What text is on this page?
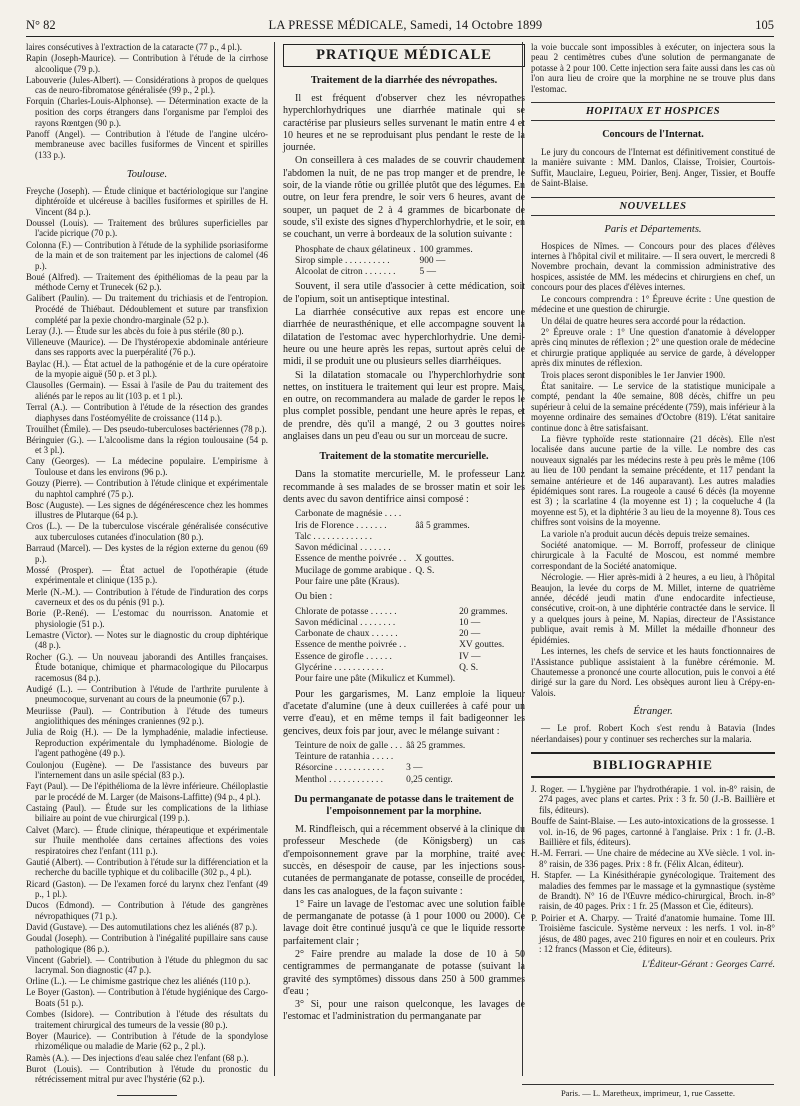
N° 82	LA PRESSE MÉDICALE, Samedi, 14 Octobre 1899	105

laires consécutives à l'extraction de la cataracte (77 p., 4 pl.).

Rapin (Joseph-Maurice). — Contribution à l'étude de la cirrhose alcoolique (79 p.).

Labouverie (Jules-Albert). — Considérations à propos de quelques cas de neuro-fibromatose généralisée (99 p., 2 pl.).

Forquin (Charles-Louis-Alphonse). — Détermination exacte de la position des corps étrangers dans l'organisme par l'emploi des rayons Rœntgen (90 p.).

Panoff (Angel). — Contribution à l'étude de l'angine ulcéro-membraneuse avec bacilles fusiformes de Vincent et spirilles (133 p.).

Toulouse.

Freyche (Joseph). — Étude clinique et bactériologique sur l'angine diphtéroïde et ulcéreuse à bacilles fusiformes et spirilles de H. Vincent (84 p.).

Doussel (Louis). — Traitement des brûlures superficielles par l'acide picrique (70 p.).

Colonna (F.) — Contribution à l'étude de la syphilide psoriasiforme de la main et de son traitement par les injections de calomel (46 p.).

Boué (Alfred). — Traitement des épithéliomas de la peau par la méthode Cerny et Trunecek (62 p.).

Galibert (Paulin). — Du traitement du trichiasis et de l'entropion. Procédé de Thiébaut. Dédoublement et suture par transfixion complété par la pexie chondro-marginale (52 p.).

Leray (J.). — Étude sur les abcès du foie à pus stérile (80 p.).

Villeneuve (Maurice). — De l'hystéropexie abdominale antérieure dans ses rapports avec la puerpéralité (76 p.).

Baylac (H.). — État actuel de la pathogénie et de la cure opératoire de la myopie aiguë (50 p. et 3 pl.).

Clausolles (Germain). — Essai à l'asile de Pau du traitement des aliénés par le repos au lit (103 p. et 1 pl.).

Terral (A.). — Contribution à l'étude de la résection des grandes diaphyses dans l'ostéomyélite de croissance (114 p.).

Trouilhet (Émile). — Des pseudo-tuberculoses bactériennes (78 p.).

Béringuier (G.). — L'alcoolisme dans la région toulousaine (54 p. et 3 pl.).

Cany (Georges). — La médecine populaire. L'empirisme à Toulouse et dans les environs (96 p.).

Gouzy (Pierre). — Contribution à l'étude clinique et expérimentale du naphtol camphré (75 p.).

Bosc (Auguste). — Les signes de dégénérescence chez les hommes illustres de Plutarque (64 p.).

Cros (L.). — De la tuberculose viscérale généralisée consécutive aux tuberculoses cutanées d'inoculation (80 p.).

Barraud (Marcel). — Des kystes de la région externe du genou (69 p.).

Mossé (Prosper). — État actuel de l'opothérapie (étude expérimentale et clinique (135 p.).

Merle (N.-M.). — Contribution à l'étude de l'induration des corps caverneux et des os du pénis (91 p.).

Borie (P.-René). — L'estomac du nourrisson. Anatomie et physiologie (51 p.).

Lemastre (Victor). — Notes sur le diagnostic du croup diphtérique (48 p.).

Rocher (G.). — Un nouveau jaborandi des Antilles françaises. Étude botanique, chimique et pharmacologique du Pilocarpus racemosus (84 p.).

Audigé (L.). — Contribution à l'étude de l'arthrite purulente à pneumocoque, survenant au cours de la pneumonie (67 p.).

Meuriisse (Paul). — Contribution à l'étude des tumeurs angiolithiques des méninges craniennes (92 p.).

Julia de Roig (H.). — De la lymphadénie, maladie infectieuse. Reproduction expérimentale du lymphadénome. Biologie de l'agent pathogène (49 p.).

Coulonjou (Eugène). — De l'assistance des buveurs par l'internement dans un asile spécial (83 p.).

Fayt (Paul). — De l'épithélioma de la lèvre inférieure. Chéiloplastie par le procédé de M. Larger (de Maisons-Laffitte) (94 p., 4 pl.).

Castaing (Paul). — Étude sur les complications de la lithiase biliaire au point de vue chirurgical (199 p.).

Calvet (Marc). — Étude clinique, thérapeutique et expérimentale sur l'huile mentholée dans certaines affections des voies respiratoires chez l'enfant (111 p.).

Gautié (Albert). — Contribution à l'étude sur la différenciation et la recherche du bacille typhique et du colibacille (302 p., 4 pl.).

Ricard (Gaston). — De l'examen forcé du larynx chez l'enfant (49 p., 1 pl.).

Ducos (Edmond). — Contribution à l'étude des gangrènes névropathiques (71 p.).

David (Gustave). — Des automutilations chez les aliénés (87 p.).

Goudal (Joseph). — Contribution à l'inégalité pupillaire sans cause pathologique (86 p.).

Vincent (Gabriel). — Contribution à l'étude du phlegmon du sac lacrymal. Son diagnostic (47 p.).

Orline (L.). — Le chimisme gastrique chez les aliénés (110 p.).

Le Boyer (Gaston). — Contribution à l'étude hygiénique des Cargo-Boats (51 p.).

Combes (Isidore). — Contribution à l'étude des résultats du traitement chirurgical des tumeurs de la vessie (80 p.).

Boyer (Maurice). — Contribution à l'étude de la spondylose rhizomélique ou maladie de Marie (62 p., 2 pl.).

Ramès (A.). — Des injections d'eau salée chez l'enfant (68 p.).

Burot (Louis). — Contribution à l'étude du pronostic du rétrécissement mitral pur avec l'hystérie (62 p.).

PRATIQUE MÉDICALE
Traitement de la diarrhée des névropathes.

Il est fréquent d'observer chez les névropathes hyperchlorhydriques une diarrhée matinale qui se caractérise par plusieurs selles survenant le matin entre 4 et 10 heures et ne se reproduisant plus pendant le reste de la journée.

On conseillera à ces malades de se couvrir chaudement l'abdomen la nuit, de ne pas trop manger et de prendre, le soir, de la viande rôtie ou grillée plutôt que des légumes. En outre, on leur fera prendre, le soir vers 6 heures, avant de souper, un paquet de 2 à 4 grammes de bicarbonate de soude, s'il existe des signes d'hyperchlorhydrie, et le soir, en se couchant, un verre à bordeaux de la solution suivante :

Phosphate de chaux gélatineux .	100 grammes.
Sirop simple . . . . . . . . . .	900 —
Alcoolat de citron . . . . . . .	5 —

Souvent, il sera utile d'associer à cette médication, soit de l'opium, soit un antiseptique intestinal.

La diarrhée consécutive aux repas est encore une diarrhée de neurasthénique, et elle accompagne souvent la dilatation de l'estomac avec hyperchlorhydrie. Une demi-heure ou une heure après les repas, surtout après celui de midi, il se produit une ou plusieurs selles diarrhéiques.

Si la dilatation stomacale ou l'hyperchlorhydrie sont nettes, on instituera le traitement qui leur est propre. Mais, en outre, on recommandera au malade de garder le repos le plus complet possible, pendant une heure après le repas, et de prendre, dès qu'il a mangé, 2 ou 3 gouttes noires anglaises dans un peu d'eau ou sur un morceau de sucre.

Traitement de la stomatite mercurielle.

Dans la stomatite mercurielle, M. le professeur Lanz recommande à ses malades de se brosser matin et soir les dents avec du savon dentifrice ainsi composé :

Carbonate de magnésie . . . .	
Iris de Florence . . . . . . .	ââ 5 grammes.
Talc . . . . . . . . . . . . .	
Savon médicinal . . . . . . .	
Essence de menthe poivrée . .	X gouttes.
Mucilage de gomme arabique .	Q. S.
Pour faire une pâte (Kraus).	

Ou bien :

Chlorate de potasse . . . . . .	20 grammes.
Savon médicinal . . . . . . . .	10 —
Carbonate de chaux . . . . . .	20 —
Essence de menthe poivrée . .	XV gouttes.
Essence de girofle . . . . . .	IV —
Glycérine . . . . . . . . . . .	Q. S.
Pour faire une pâte (Mikulicz et Kummel).	

Pour les gargarismes, M. Lanz emploie la liqueur d'acetate d'alumine (une à deux cuillerées à café pour un verre d'eau), et en même temps il fait badigeonner les gencives, deux fois par jour, avec le mélange suivant :

Teinture de noix de galle . . .	ââ 25 grammes.
Teinture de ratanhia . . . . .	
Résorcine . . . . . . . . . . .	3 —
Menthol . . . . . . . . . . . .	0,25 centigr.
Du permanganate de potasse dans le traitement de l'empoisonnement par la morphine.

M. Rindfleisch, qui a récemment observé à la clinique du professeur Meschede (de Königsberg) un cas d'empoisonnement grave par la morphine, traité avec succès, en désespoir de cause, par les injections sous-cutanées de permanganate de potasse, conseille de procéder, dans les cas analogues, de la façon suivante :

1° Faire un lavage de l'estomac avec une solution faible de permanganate de potasse (à 1 pour 1000 ou 2000). Ce lavage doit être continué jusqu'à ce que le liquide ressorte parfaitement clair ;

2° Faire prendre au malade la dose de 10 à 50 centigrammes de permanganate de potasse (suivant la gravité des symptômes) dissous dans 250 à 500 grammes d'eau ;

3° Si, pour une raison quelconque, les lavages de l'estomac et l'administration du permanganate par

la voie buccale sont impossibles à exécuter, on injectera sous la peau 2 centimètres cubes d'une solution de permanganate de potasse à 2 pour 100. Cette injection sera faite aussi dans les cas où l'on aura lieu de croire que la morphine ne se trouve plus dans l'estomac.

HOPITAUX ET HOSPICES
Concours de l'Internat.

Le jury du concours de l'Internat est définitivement constitué de la manière suivante : MM. Danlos, Claisse, Troisier, Courtois-Suffit, Mauclaire, Legueu, Poirier, Benj. Anger, Tissier, et Bouffe de Saint-Blaise.

NOUVELLES
Paris et Départements.

Hospices de Nîmes. — Concours pour des places d'élèves internes à l'hôpital civil et militaire. — Il sera ouvert, le mercredi 8 Novembre prochain, devant la commission administrative des hospices, assistée de MM. les médecins et chirurgiens en chef, un concours pour des places d'élèves internes.

Le concours comprendra : 1° Épreuve écrite : Une question de médecine et une question de chirurgie.

Un délai de quatre heures sera accordé pour la rédaction.

2° Épreuve orale : 1° Une question d'anatomie à développer après cinq minutes de réflexion ; 2° une question orale de médecine et chirurgie pratique appliquée au service de garde, à développer après dix minutes de réflexion.

Trois places seront disponibles le 1er Janvier 1900.

État sanitaire. — Le service de la statistique municipale a compté, pendant la 40e semaine, 808 décès, chiffre un peu supérieur à celui de la semaine précédente (759), mais inférieur à la moyenne ordinaire des semaines d'Octobre (819). L'état sanitaire continue donc à être satisfaisant.

La fièvre typhoïde reste stationnaire (21 décès). Elle n'est localisée dans aucune partie de la ville. Le nombre des cas nouveaux signalés par les médecins reste à peu près le même (106 au lieu de 100 pendant la semaine précédente, et 117 pendant la semaine antérieure et de 146 auparavant). Les autres maladies épidémiques sont rares. La rougeole a causé 6 décès (la moyenne est 3) ; la scarlatine 4 (la moyenne est 1) ; la coqueluche 4 (la moyenne est 5), et la diphtérie 3 au lieu de la moyenne 8). Tous ces chiffres sont voisins de la moyenne.

La variole n'a produit aucun décès depuis treize semaines.

Société anatomique. — M. Borroff, professeur de clinique chirurgicale à la Faculté de Moscou, est nommé membre correspondant de la Société anatomique.

Nécrologie. — Hier après-midi à 2 heures, a eu lieu, à l'hôpital Beaujon, la levée du corps de M. Millet, interne de quatrième année, décédé jeudi matin d'une endocardite infectieuse, consécutive, croit-on, à une diphtérie contractée dans le service. Il y a quelques jours à peine, M. Napias, directeur de l'Assistance publique, avait remis à M. Millet la médaille d'honneur des épidémies.

Les internes, les chefs de service et les hauts fonctionnaires de l'Assistance publique assistaient à la funèbre cérémonie. M. Chautemesse a prononcé une courte allocution, puis le convoi a été dirigé sur la gare du Nord. Les obsèques auront lieu à Crépy-en-Valois.

Étranger.

— Le prof. Robert Koch s'est rendu à Batavia (Indes néerlandaises) pour y continuer ses recherches sur la malaria.

BIBLIOGRAPHIE

J. Roger. — L'hygiène par l'hydrothérapie. 1 vol. in-8° raisin, de 274 pages, avec plans et cartes. Prix : 3 fr. 50 (J.-B. Baillière et fils, éditeurs).

Bouffe de Saint-Blaise. — Les auto-intoxications de la grossesse. 1 vol. in-16, de 96 pages, cartonné à l'anglaise. Prix : 1 fr. (J.-B. Baillière et fils, éditeurs).

H.-M. Ferrari. — Une chaire de médecine au XVe siècle. 1 vol. in-8° raisin, de 336 pages. Prix : 8 fr. (Félix Alcan, éditeur).

H. Stapfer. — La Kinésithérapie gynécologique. Traitement des maladies des femmes par le massage et la gymnastique (système de Brandt). N° 16 de l'Œuvre médico-chirurgical, Broch. in-8° raisin, de 40 pages. Prix : 1 fr. 25 (Masson et Cie, éditeurs).

P. Poirier et A. Charpy. — Traité d'anatomie humaine. Tome III. Troisième fascicule. Système nerveux : les nerfs. 1 vol. in-8° jésus, de 480 pages, avec 210 figures en noir et en couleurs. Prix : 12 francs (Masson et Cie, éditeurs).

L'Éditeur-Gérant : Georges Carré.
Paris. — L. Maretheux, imprimeur, 1, rue Cassette.
